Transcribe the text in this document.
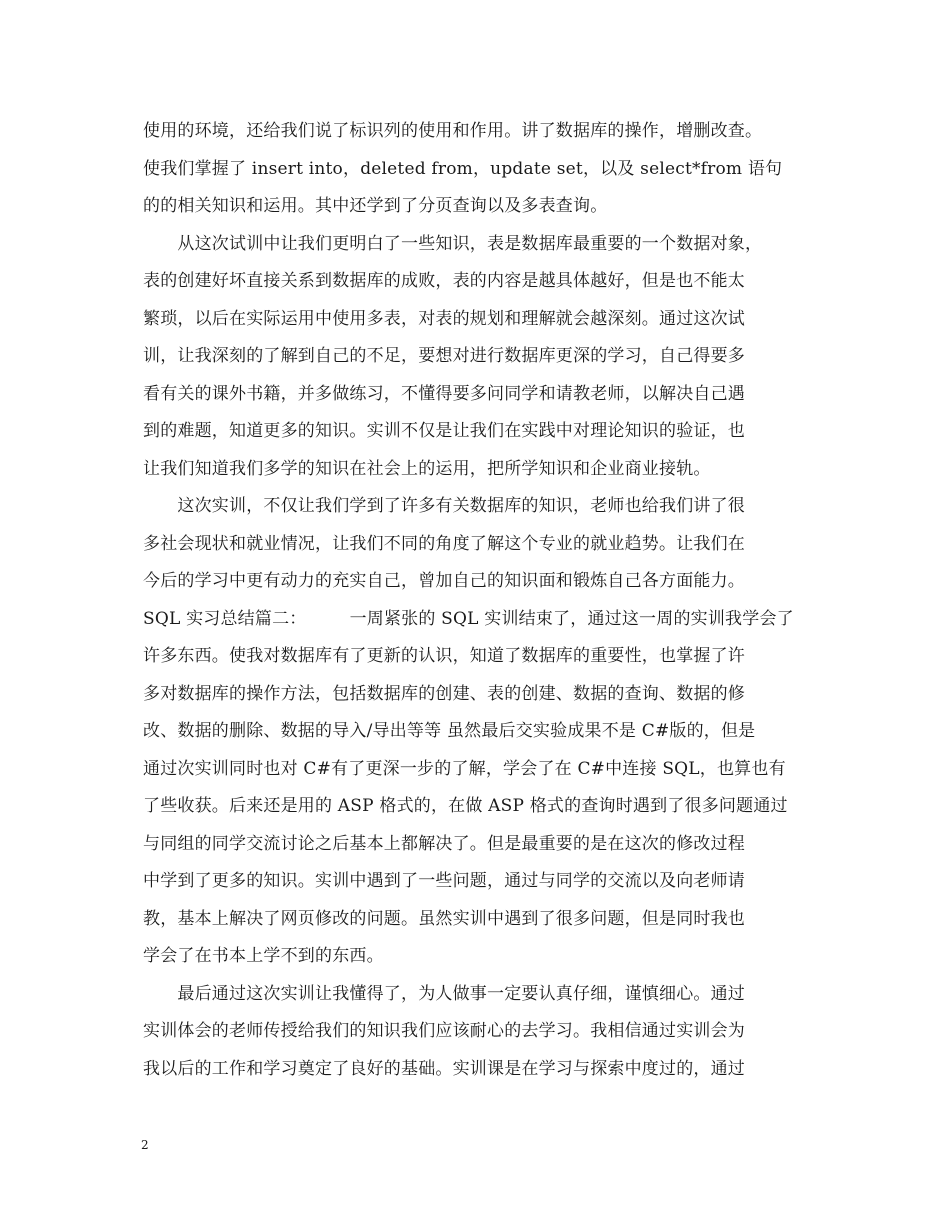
使用的环境，还给我们说了标识列的使用和作用。讲了数据库的操作，增删改查。
使我们掌握了 insert into，deleted from，update set，以及 select*from 语句
的的相关知识和运用。其中还学到了分页查询以及多表查询。
　　从这次试训中让我们更明白了一些知识，表是数据库最重要的一个数据对象，
表的创建好坏直接关系到数据库的成败，表的内容是越具体越好，但是也不能太
繁琐，以后在实际运用中使用多表，对表的规划和理解就会越深刻。通过这次试
训，让我深刻的了解到自己的不足，要想对进行数据库更深的学习，自己得要多
看有关的课外书籍，并多做练习，不懂得要多问同学和请教老师，以解决自己遇
到的难题，知道更多的知识。实训不仅是让我们在实践中对理论知识的验证，也
让我们知道我们多学的知识在社会上的运用，把所学知识和企业商业接轨。
　　这次实训，不仅让我们学到了许多有关数据库的知识，老师也给我们讲了很
多社会现状和就业情况，让我们不同的角度了解这个专业的就业趋势。让我们在
今后的学习中更有动力的充实自己，曾加自己的知识面和锻炼自己各方面能力。
SQL 实习总结篇二：　　　一周紧张的 SQL 实训结束了，通过这一周的实训我学会了
许多东西。使我对数据库有了更新的认识，知道了数据库的重要性，也掌握了许
多对数据库的操作方法，包括数据库的创建、表的创建、数据的查询、数据的修
改、数据的删除、数据的导入/导出等等 虽然最后交实验成果不是 C#版的，但是
通过次实训同时也对 C#有了更深一步的了解，学会了在 C#中连接 SQL，也算也有
了些收获。后来还是用的 ASP 格式的，在做 ASP 格式的查询时遇到了很多问题通过
与同组的同学交流讨论之后基本上都解决了。但是最重要的是在这次的修改过程
中学到了更多的知识。实训中遇到了一些问题，通过与同学的交流以及向老师请
教，基本上解决了网页修改的问题。虽然实训中遇到了很多问题，但是同时我也
学会了在书本上学不到的东西。
　　最后通过这次实训让我懂得了，为人做事一定要认真仔细，谨慎细心。通过
实训体会的老师传授给我们的知识我们应该耐心的去学习。我相信通过实训会为
我以后的工作和学习奠定了良好的基础。实训课是在学习与探索中度过的，通过
2
